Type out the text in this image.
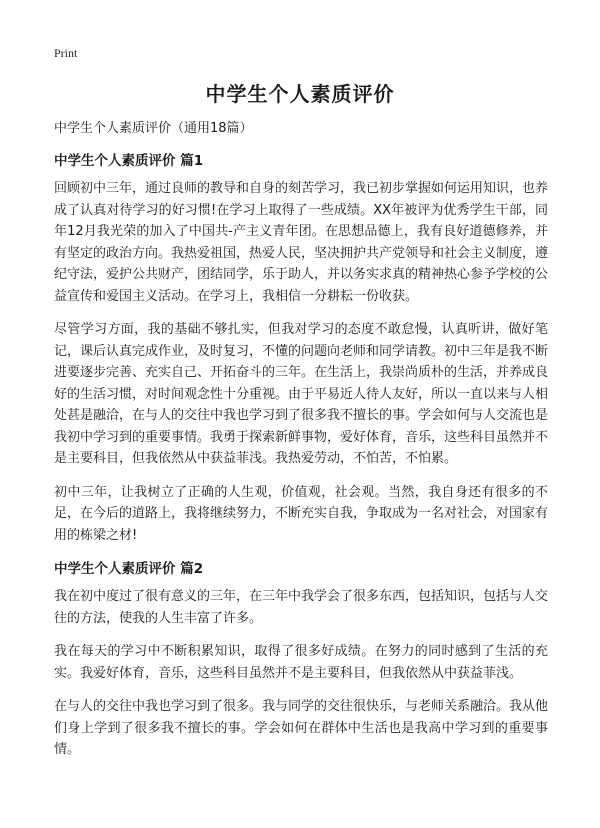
Print
中学生个人素质评价

中学生个人素质评价（通用18篇）

中学生个人素质评价 篇1

回顾初中三年，通过良师的教导和自身的刻苦学习，我已初步掌握如何运用知识，也养成了认真对待学习的好习惯!在学习上取得了一些成绩。XX年被评为优秀学生干部，同年12月我光荣的加入了中国共-产主义青年团。在思想品德上，我有良好道德修养，并有坚定的政治方向。我热爱祖国，热爱人民，坚决拥护共产党领导和社会主义制度，遵纪守法，爱护公共财产，团结同学，乐于助人，并以务实求真的精神热心参予学校的公益宣传和爱国主义活动。在学习上，我相信一分耕耘一份收获。

尽管学习方面，我的基础不够扎实，但我对学习的态度不敢怠慢，认真听讲，做好笔记，课后认真完成作业，及时复习，不懂的问题向老师和同学请教。初中三年是我不断进要逐步完善、充实自己、开拓奋斗的三年。在生活上，我崇尚质朴的生活，并养成良好的生活习惯，对时间观念性十分重视。由于平易近人待人友好，所以一直以来与人相处甚是融洽，在与人的交往中我也学习到了很多我不擅长的事。学会如何与人交流也是我初中学习到的重要事情。我勇于探索新鲜事物，爱好体育，音乐，这些科目虽然并不是主要科目，但我依然从中获益菲浅。我热爱劳动，不怕苦，不怕累。

初中三年，让我树立了正确的人生观，价值观，社会观。当然，我自身还有很多的不足，在今后的道路上，我将继续努力，不断充实自我，争取成为一名对社会，对国家有用的栋梁之材!

中学生个人素质评价 篇2

我在初中度过了很有意义的三年，在三年中我学会了很多东西，包括知识，包括与人交往的方法，使我的人生丰富了许多。

我在每天的学习中不断积累知识，取得了很多好成绩。在努力的同时感到了生活的充实。我爱好体育，音乐，这些科目虽然并不是主要科目，但我依然从中获益菲浅。

在与人的交往中我也学习到了很多。我与同学的交往很快乐，与老师关系融洽。我从他们身上学到了很多我不擅长的事。学会如何在群体中生活也是我高中学习到的重要事情。
